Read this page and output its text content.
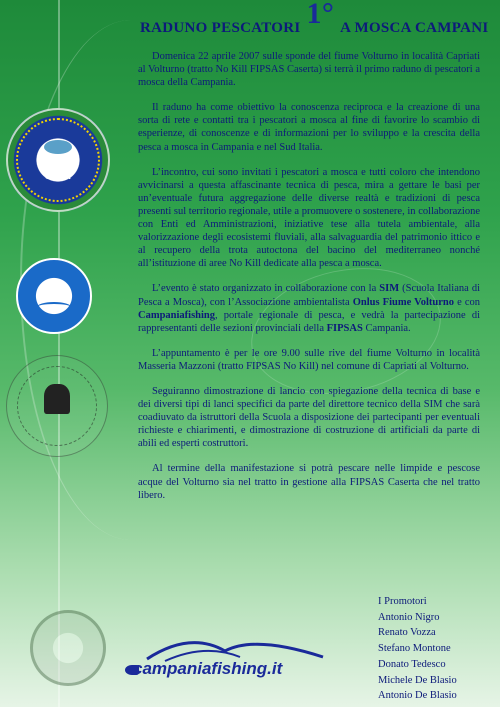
RADUNO PESCATORI 1° A MOSCA CAMPANI
S.I.M.

Domenica 22 aprile 2007 sulle sponde del fiume Volturno in località Capriati al Volturno (tratto No Kill FIPSAS Caserta) si terrà il primo raduno di pescatori a mosca della Campania.

Il raduno ha come obiettivo la conoscenza reciproca e la creazione di una sorta di rete e contatti tra i pescatori a mosca al fine di favorire lo scambio di esperienze, di conoscenze e di informazioni per lo sviluppo e la crescita della pesca a mosca in Campania e nel Sud Italia.

L’incontro, cui sono invitati i pescatori a mosca e tutti coloro che intendono avvicinarsi a questa affascinante tecnica di pesca, mira a gettare le basi per un’eventuale futura aggregazione delle diverse realtà e tradizioni di pesca presenti sul territorio regionale, utile a promuovere o sostenere, in collaborazione con Enti ed Amministrazioni, iniziative tese alla tutela ambientale, alla valorizzazione degli ecosistemi fluviali, alla salvaguardia del patrimonio ittico e al recupero della trota autoctona del bacino del mediterraneo nonché all’istituzione di aree No Kill dedicate alla pesca a mosca.

L’evento è stato organizzato in collaborazione con la SIM (Scuola Italiana di Pesca a Mosca), con l’Associazione ambientalista Onlus Fiume Volturno e con Campaniafishing, portale regionale di pesca, e vedrà la partecipazione di rappresentanti delle sezioni provinciali della FIPSAS Campania.

L’appuntamento è per le ore 9.00 sulle rive del fiume Volturno in località Masseria Mazzoni (tratto FIPSAS No Kill) nel comune di Capriati al Volturno.

Seguiranno dimostrazione di lancio con spiegazione della tecnica di base e dei diversi tipi di lanci specifici da parte del direttore tecnico della SIM che sarà coadiuvato da istruttori della Scuola a disposizione dei partecipanti per eventuali richieste e chiarimenti, e dimostrazione di costruzione di artificiali da parte di abili ed esperti costruttori.

Al termine della manifestazione si potrà pescare nelle limpide e pescose acque del Volturno sia nel tratto in gestione alla FIPSAS Caserta che nel tratto libero.

I Promotori
Antonio Nigro
Renato Vozza
Stefano Montone
Donato Tedesco
Michele De Blasio
Antonio De Blasio
campaniafishing.it
